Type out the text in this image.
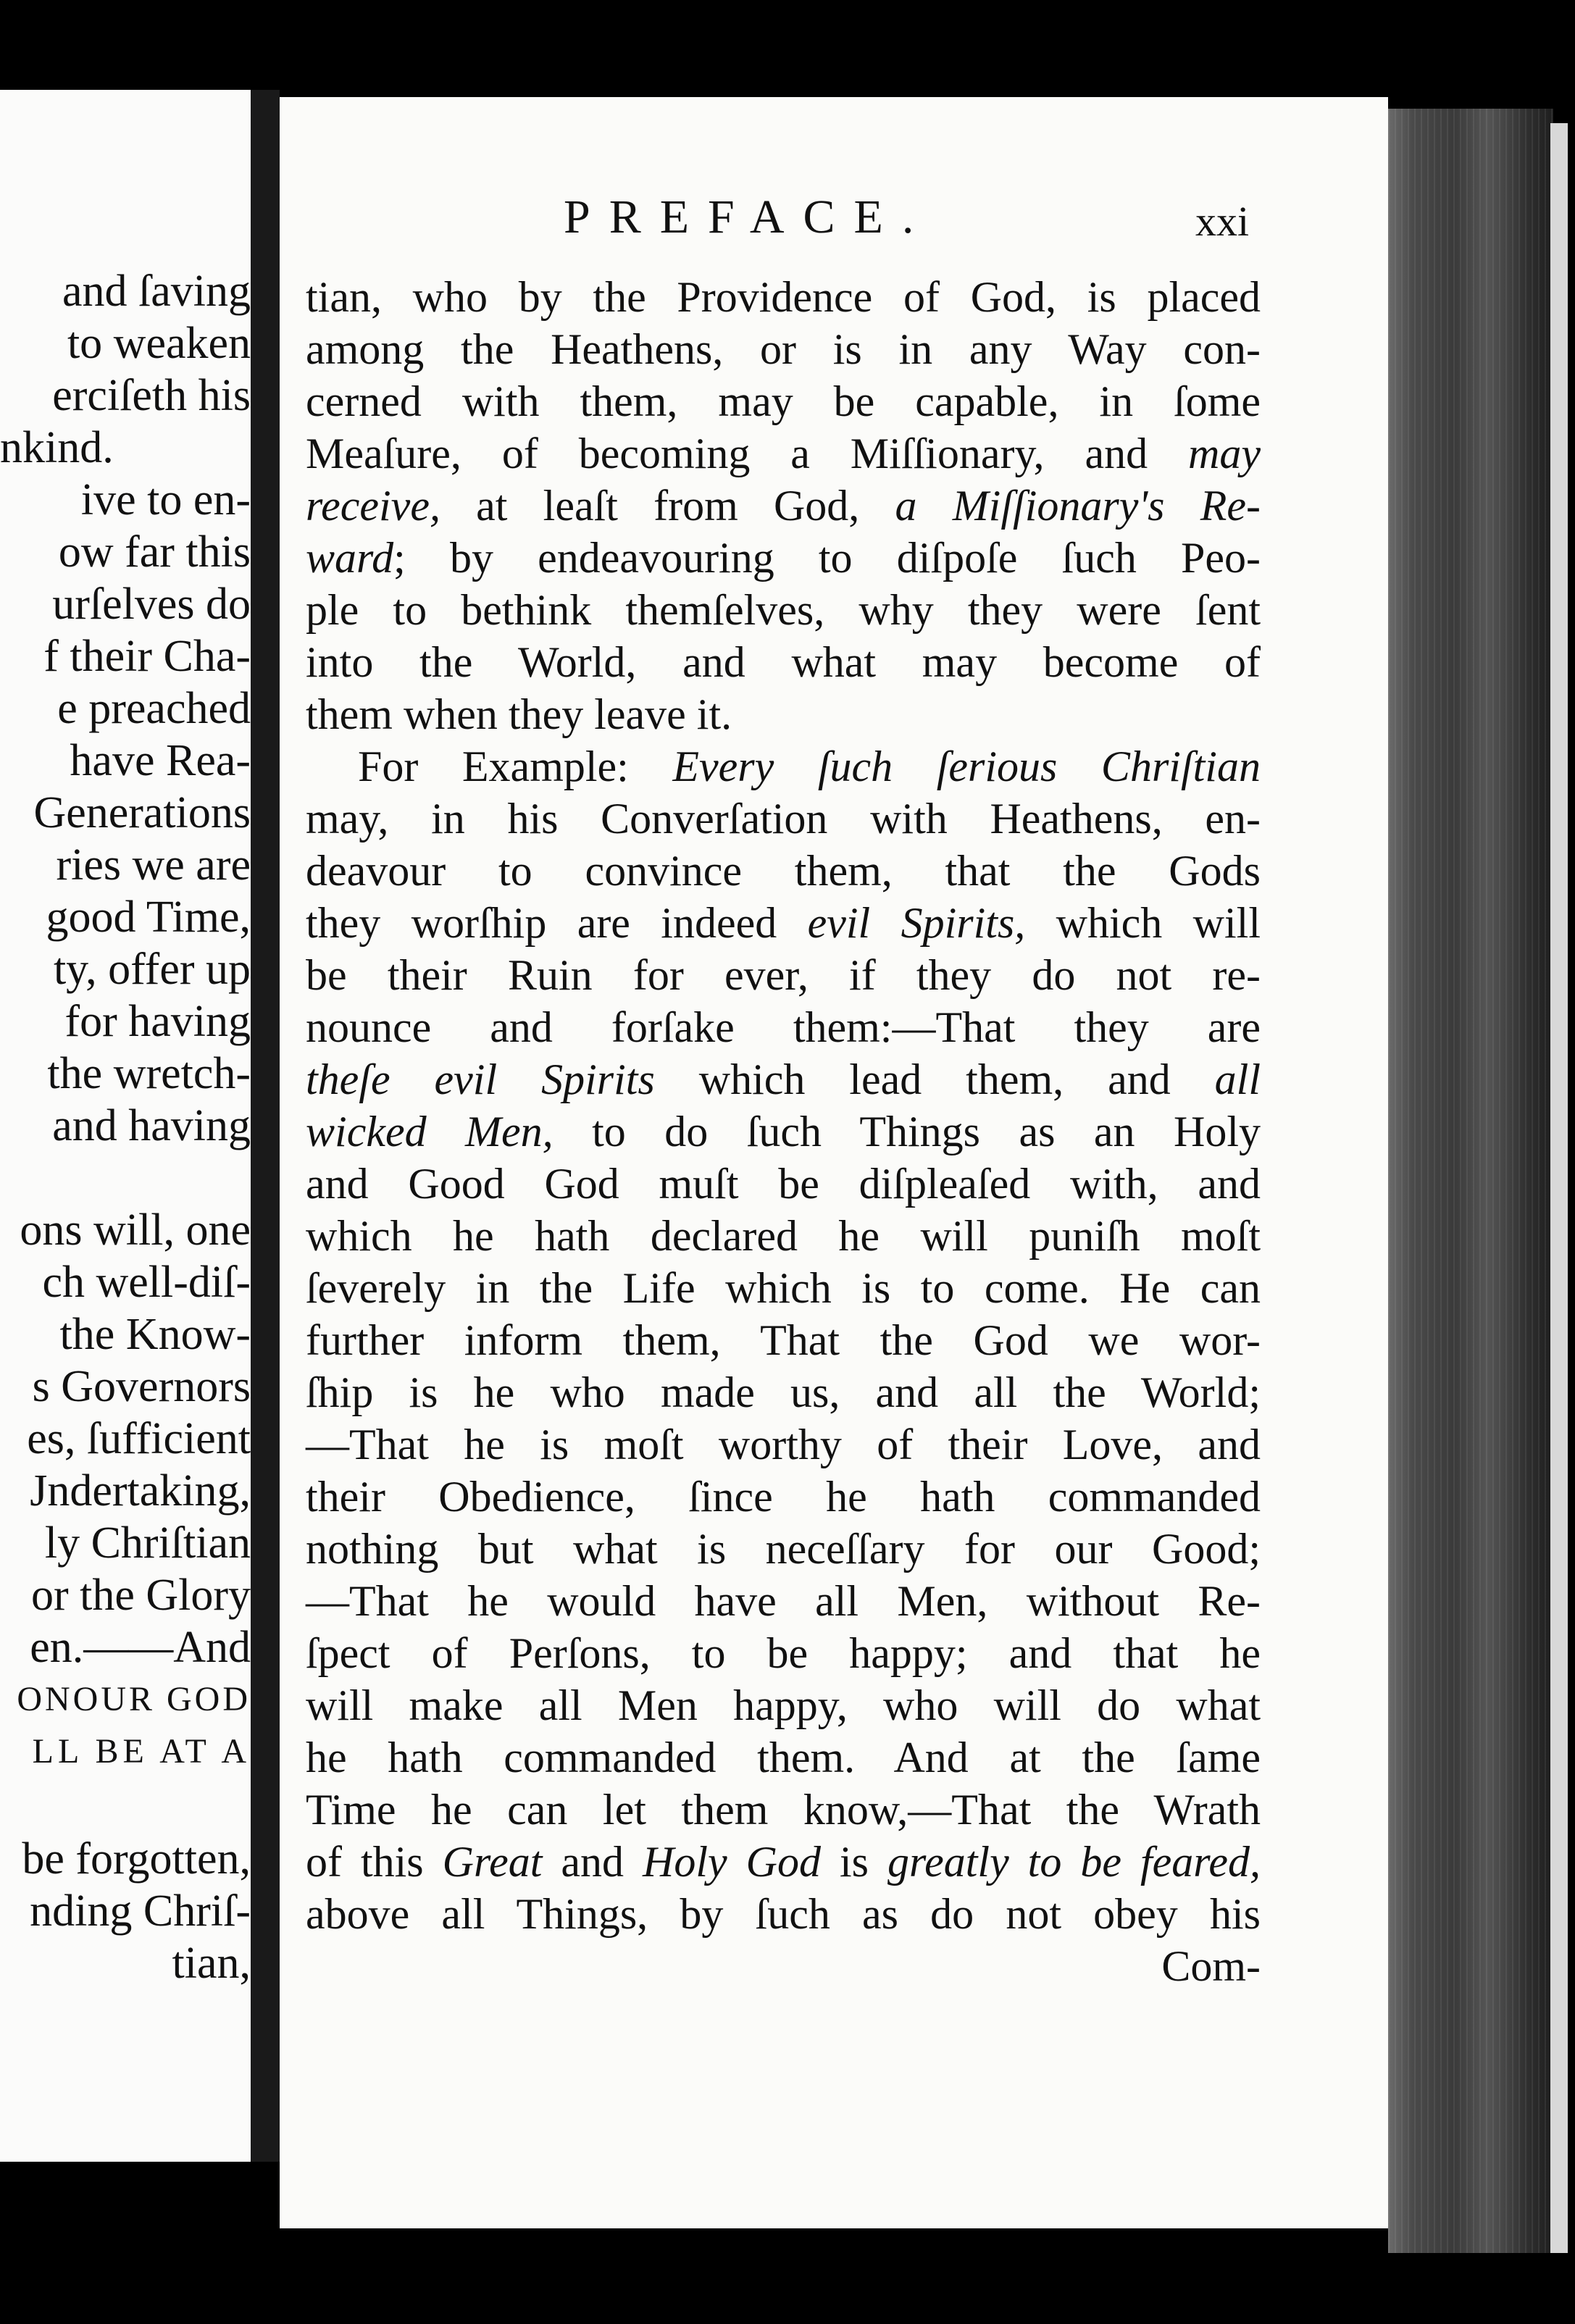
and ſaving
to weaken
erciſeth his
nkind.
ive to en-
ow far this
urſelves do
f their Cha-
e preached
have Rea-
Generations
ries we are
good Time,
ty, offer up
for having
the wretch-
and having
ons will, one
ch well-diſ-
the Know-
s Governors
es, ſufficient
Jndertaking,
ly Chriſtian
or the Glory
en.——And
ONOUR GOD
LL BE AT A
be forgotten,
nding Chriſ-
tian,
PREFACE.	xxi
tian, who by the Providence of God, is placed
among the Heathens, or is in any Way con-
cerned with them, may be capable, in ſome
Meaſure, of becoming a Miſſionary, and may
receive, at leaſt from God, a Miſſionary's Re-
ward; by endeavouring to diſpoſe ſuch Peo-
ple to bethink themſelves, why they were ſent
into the World, and what may become of
them when they leave it.
For Example: Every ſuch ſerious Chriſtian
may, in his Converſation with Heathens, en-
deavour to convince them, that the Gods
they worſhip are indeed evil Spirits, which will
be their Ruin for ever, if they do not re-
nounce and forſake them:—That they are
theſe evil Spirits which lead them, and all
wicked Men, to do ſuch Things as an Holy
and Good God muſt be diſpleaſed with, and
which he hath declared he will puniſh moſt
ſeverely in the Life which is to come. He can
further inform them, That the God we wor-
ſhip is he who made us, and all the World;
—That he is moſt worthy of their Love, and
their Obedience, ſince he hath commanded
nothing but what is neceſſary for our Good;
—That he would have all Men, without Re-
ſpect of Perſons, to be happy; and that he
will make all Men happy, who will do what
he hath commanded them. And at the ſame
Time he can let them know,—That the Wrath
of this Great and Holy God is greatly to be feared,
above all Things, by ſuch as do not obey his
Com-
